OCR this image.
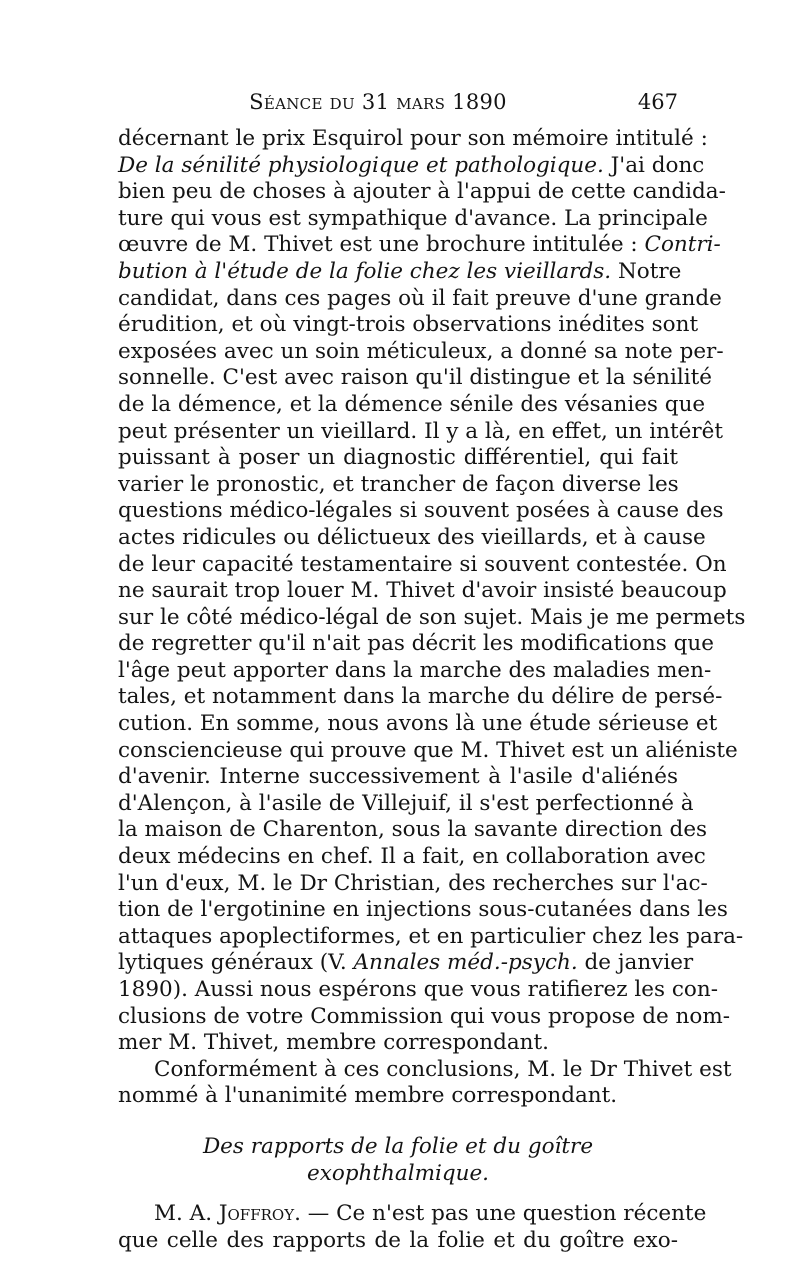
Séance du 31 mars 1890	467

décernant le prix Esquirol pour son mémoire intitulé :
De la sénilité physiologique et pathologique. J'ai donc
bien peu de choses à ajouter à l'appui de cette candida-
ture qui vous est sympathique d'avance. La principale
œuvre de M. Thivet est une brochure intitulée : Contri-
bution à l'étude de la folie chez les vieillards. Notre
candidat, dans ces pages où il fait preuve d'une grande
érudition, et où vingt-trois observations inédites sont
exposées avec un soin méticuleux, a donné sa note per-
sonnelle. C'est avec raison qu'il distingue et la sénilité
de la démence, et la démence sénile des vésanies que
peut présenter un vieillard. Il y a là, en effet, un intérêt
puissant à poser un diagnostic différentiel, qui fait
varier le pronostic, et trancher de façon diverse les
questions médico-légales si souvent posées à cause des
actes ridicules ou délictueux des vieillards, et à cause
de leur capacité testamentaire si souvent contestée. On
ne saurait trop louer M. Thivet d'avoir insisté beaucoup
sur le côté médico-légal de son sujet. Mais je me permets
de regretter qu'il n'ait pas décrit les modifications que
l'âge peut apporter dans la marche des maladies men-
tales, et notamment dans la marche du délire de persé-
cution. En somme, nous avons là une étude sérieuse et
consciencieuse qui prouve que M. Thivet est un aliéniste
d'avenir. Interne successivement à l'asile d'aliénés
d'Alençon, à l'asile de Villejuif, il s'est perfectionné à
la maison de Charenton, sous la savante direction des
deux médecins en chef. Il a fait, en collaboration avec
l'un d'eux, M. le Dr Christian, des recherches sur l'ac-
tion de l'ergotinine en injections sous-cutanées dans les
attaques apoplectiformes, et en particulier chez les para-
lytiques généraux (V. Annales méd.-psych. de janvier
1890). Aussi nous espérons que vous ratifierez les con-
clusions de votre Commission qui vous propose de nom-
mer M. Thivet, membre correspondant.

Conformément à ces conclusions, M. le Dr Thivet est
nommé à l'unanimité membre correspondant.

Des rapports de la folie et du goître exophthalmique.

M. A. Joffroy. — Ce n'est pas une question récente
que celle des rapports de la folie et du goître exo-
